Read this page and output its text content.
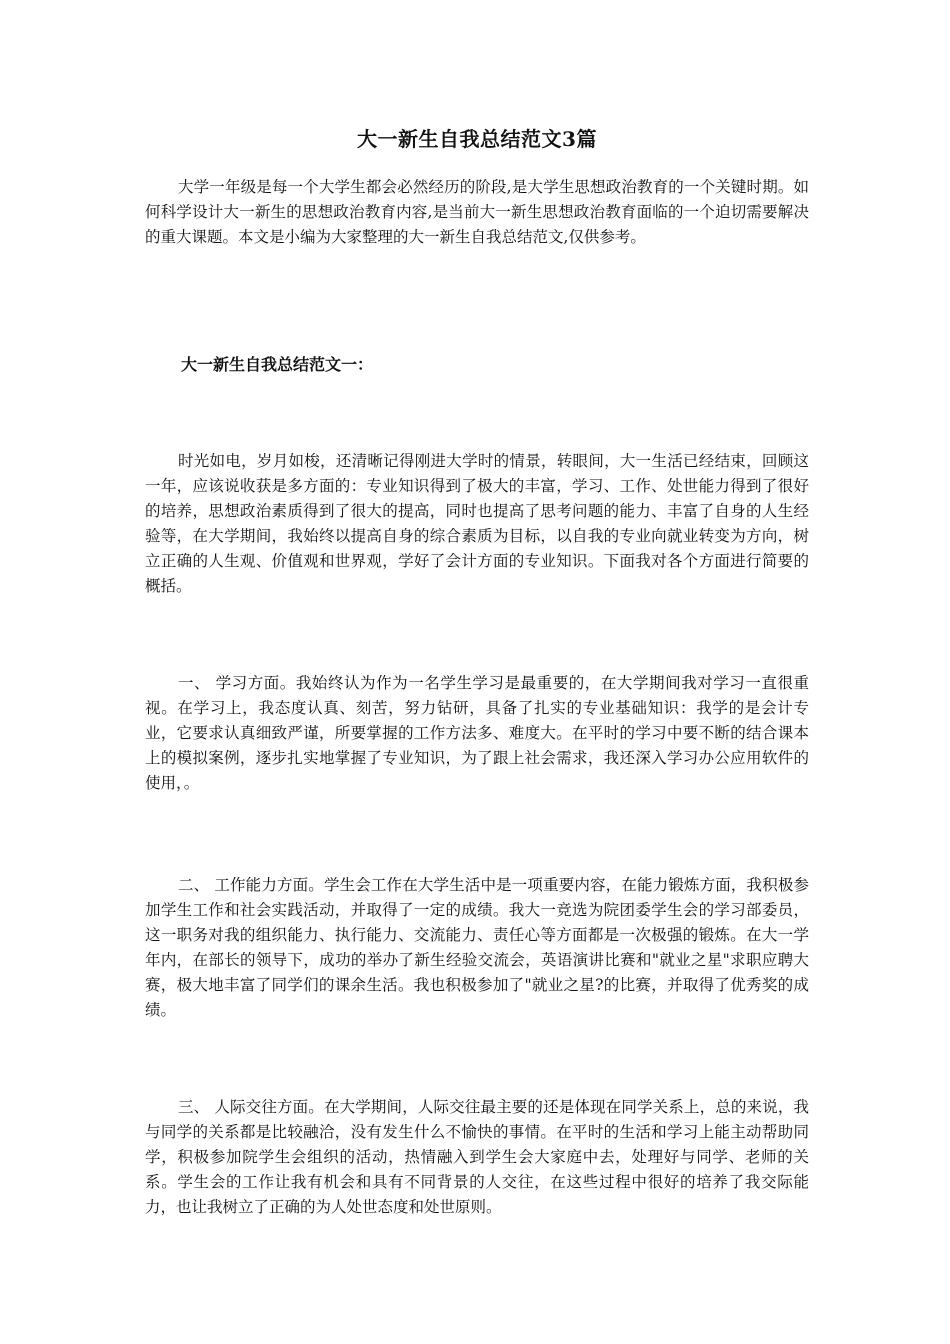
大一新生自我总结范文3篇
大学一年级是每一个大学生都会必然经历的阶段,是大学生思想政治教育的一个关键时期。如何科学设计大一新生的思想政治教育内容,是当前大一新生思想政治教育面临的一个迫切需要解决的重大课题。本文是小编为大家整理的大一新生自我总结范文,仅供参考。
大一新生自我总结范文一：
时光如电，岁月如梭，还清晰记得刚进大学时的情景，转眼间，大一生活已经结束，回顾这一年，应该说收获是多方面的：专业知识得到了极大的丰富，学习、工作、处世能力得到了很好的培养，思想政治素质得到了很大的提高，同时也提高了思考问题的能力、丰富了自身的人生经验等，在大学期间，我始终以提高自身的综合素质为目标，以自我的专业向就业转变为方向，树立正确的人生观、价值观和世界观，学好了会计方面的专业知识。下面我对各个方面进行简要的概括。
一、 学习方面。我始终认为作为一名学生学习是最重要的，在大学期间我对学习一直很重视。在学习上，我态度认真、刻苦，努力钻研，具备了扎实的专业基础知识：我学的是会计专业，它要求认真细致严谨，所要掌握的工作方法多、难度大。在平时的学习中要不断的结合课本上的模拟案例，逐步扎实地掌握了专业知识，为了跟上社会需求，我还深入学习办公应用软件的使用，。
二、 工作能力方面。学生会工作在大学生活中是一项重要内容，在能力锻炼方面，我积极参加学生工作和社会实践活动，并取得了一定的成绩。我大一竞选为院团委学生会的学习部委员，这一职务对我的组织能力、执行能力、交流能力、责任心等方面都是一次极强的锻炼。在大一学年内，在部长的领导下，成功的举办了新生经验交流会，英语演讲比赛和"就业之星"求职应聘大赛，极大地丰富了同学们的课余生活。我也积极参加了"就业之星?的比赛，并取得了优秀奖的成绩。
三、 人际交往方面。在大学期间，人际交往最主要的还是体现在同学关系上，总的来说，我与同学的关系都是比较融洽，没有发生什么不愉快的事情。在平时的生活和学习上能主动帮助同学，积极参加院学生会组织的活动，热情融入到学生会大家庭中去，处理好与同学、老师的关系。学生会的工作让我有机会和具有不同背景的人交往，在这些过程中很好的培养了我交际能力，也让我树立了正确的为人处世态度和处世原则。
